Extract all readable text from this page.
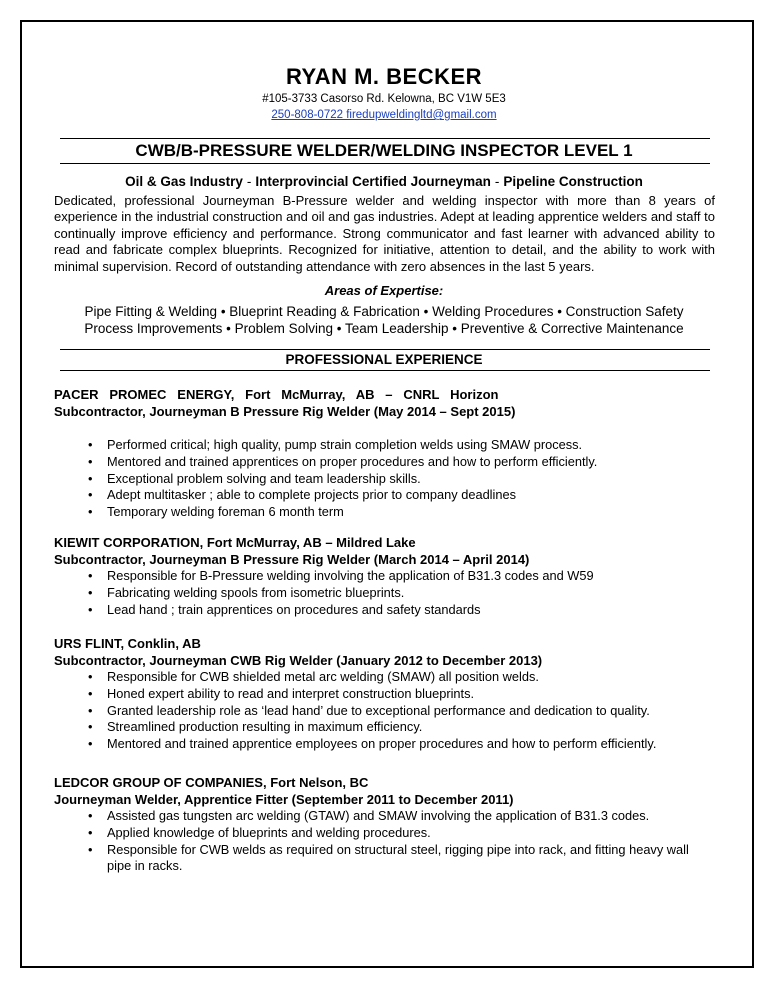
RYAN M. BECKER
#105-3733 Casorso Rd. Kelowna, BC V1W 5E3
250-808-0722 firedupweldingltd@gmail.com
CWB/B-PRESSURE WELDER/WELDING INSPECTOR LEVEL 1
Oil & Gas Industry - Interprovincial Certified Journeyman - Pipeline Construction
Dedicated, professional Journeyman B-Pressure welder and welding inspector with more than 8 years of experience in the industrial construction and oil and gas industries. Adept at leading apprentice welders and staff to continually improve efficiency and performance. Strong communicator and fast learner with advanced ability to read and fabricate complex blueprints. Recognized for initiative, attention to detail, and the ability to work with minimal supervision. Record of outstanding attendance with zero absences in the last 5 years.
Areas of Expertise:
Pipe Fitting & Welding • Blueprint Reading & Fabrication • Welding Procedures • Construction Safety
Process Improvements • Problem Solving • Team Leadership • Preventive & Corrective Maintenance
PROFESSIONAL EXPERIENCE
PACER   PROMEC   ENERGY,   Fort   McMurray,   AB   –   CNRL   Horizon
Subcontractor, Journeyman B Pressure Rig Welder (May 2014 – Sept 2015)
• Performed critical; high quality, pump strain completion welds using SMAW process.
• Mentored and trained apprentices on proper procedures and how to perform efficiently.
• Exceptional problem solving and team leadership skills.
• Adept multitasker ; able to complete projects prior to company deadlines
• Temporary welding foreman 6 month term
KIEWIT CORPORATION, Fort McMurray, AB – Mildred Lake
Subcontractor, Journeyman B Pressure Rig Welder (March 2014 – April 2014)
• Responsible for B-Pressure welding involving the application of B31.3 codes and W59
• Fabricating welding spools from isometric blueprints.
• Lead hand ; train apprentices on procedures and safety standards
URS FLINT, Conklin, AB
Subcontractor, Journeyman CWB Rig Welder (January 2012 to December 2013)
• Responsible for CWB shielded metal arc welding (SMAW) all position welds.
• Honed expert ability to read and interpret construction blueprints.
• Granted leadership role as ‘lead hand’ due to exceptional performance and dedication to quality.
• Streamlined production resulting in maximum efficiency.
• Mentored and trained apprentice employees on proper procedures and how to perform efficiently.
LEDCOR GROUP OF COMPANIES, Fort Nelson, BC
Journeyman Welder, Apprentice Fitter (September 2011 to December 2011)
• Assisted gas tungsten arc welding (GTAW) and SMAW involving the application of B31.3 codes.
• Applied knowledge of blueprints and welding procedures.
• Responsible for CWB welds as required on structural steel, rigging pipe into rack, and fitting heavy wall pipe in racks.
